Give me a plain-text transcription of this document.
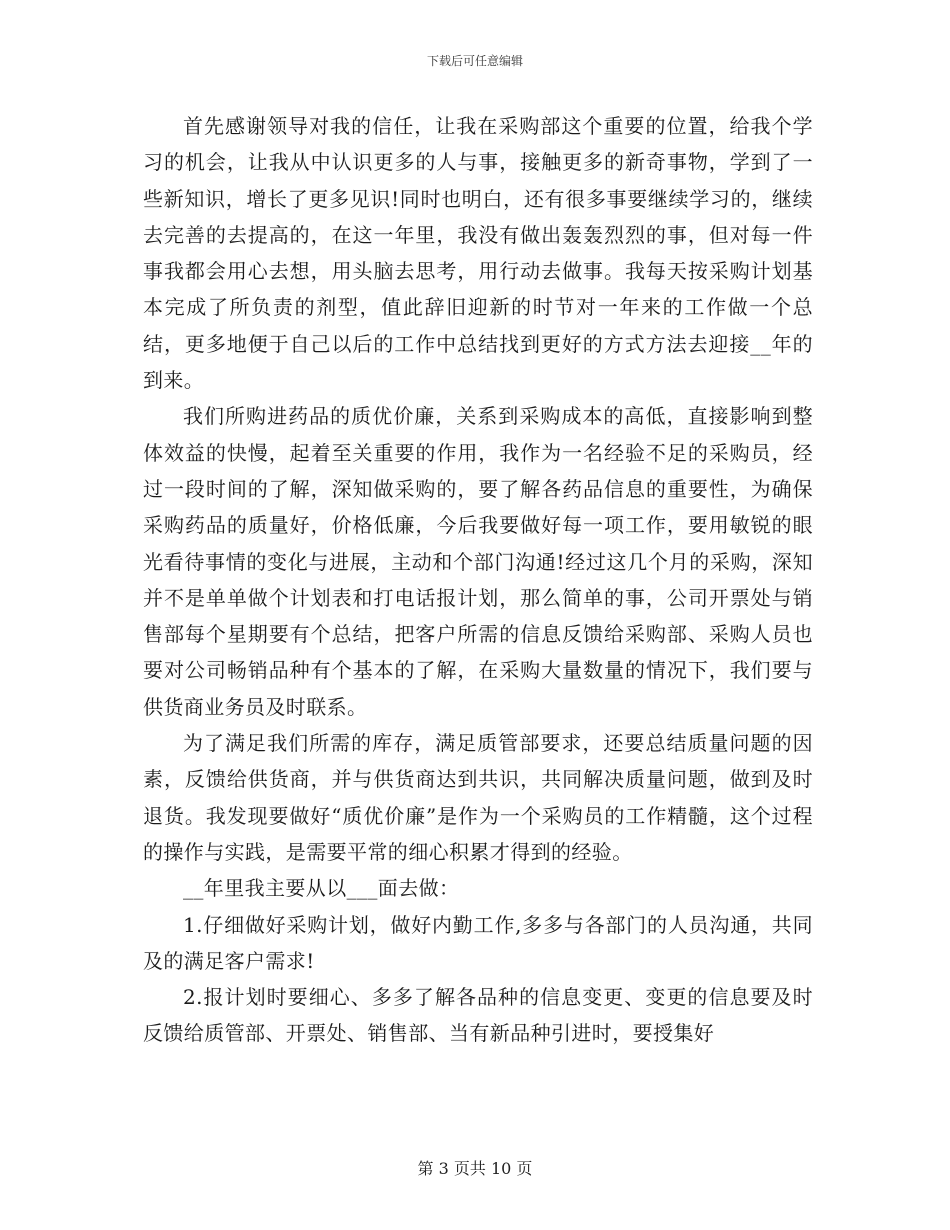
下载后可任意编辑

首先感谢领导对我的信任，让我在采购部这个重要的位置，给我个学习的机会，让我从中认识更多的人与事，接触更多的新奇事物，学到了一些新知识，增长了更多见识!同时也明白，还有很多事要继续学习的，继续去完善的去提高的，在这一年里，我没有做出轰轰烈烈的事，但对每一件事我都会用心去想，用头脑去思考，用行动去做事。我每天按采购计划基本完成了所负责的剂型，值此辞旧迎新的时节对一年来的工作做一个总结，更多地便于自己以后的工作中总结找到更好的方式方法去迎接__年的到来。

我们所购进药品的质优价廉，关系到采购成本的高低，直接影响到整体效益的快慢，起着至关重要的作用，我作为一名经验不足的采购员，经过一段时间的了解，深知做采购的，要了解各药品信息的重要性，为确保采购药品的质量好，价格低廉，今后我要做好每一项工作，要用敏锐的眼光看待事情的变化与进展，主动和个部门沟通!经过这几个月的采购，深知并不是单单做个计划表和打电话报计划，那么简单的事，公司开票处与销售部每个星期要有个总结，把客户所需的信息反馈给采购部、采购人员也要对公司畅销品种有个基本的了解，在采购大量数量的情况下，我们要与供货商业务员及时联系。

为了满足我们所需的库存，满足质管部要求，还要总结质量问题的因素，反馈给供货商，并与供货商达到共识，共同解决质量问题，做到及时退货。我发现要做好“质优价廉”是作为一个采购员的工作精髓，这个过程的操作与实践，是需要平常的细心积累才得到的经验。

__年里我主要从以___面去做：

1.仔细做好采购计划，做好内勤工作,多多与各部门的人员沟通，共同及的满足客户需求!

2.报计划时要细心、多多了解各品种的信息变更、变更的信息要及时反馈给质管部、开票处、销售部、当有新品种引进时，要授集好

第 3 页共 10 页
